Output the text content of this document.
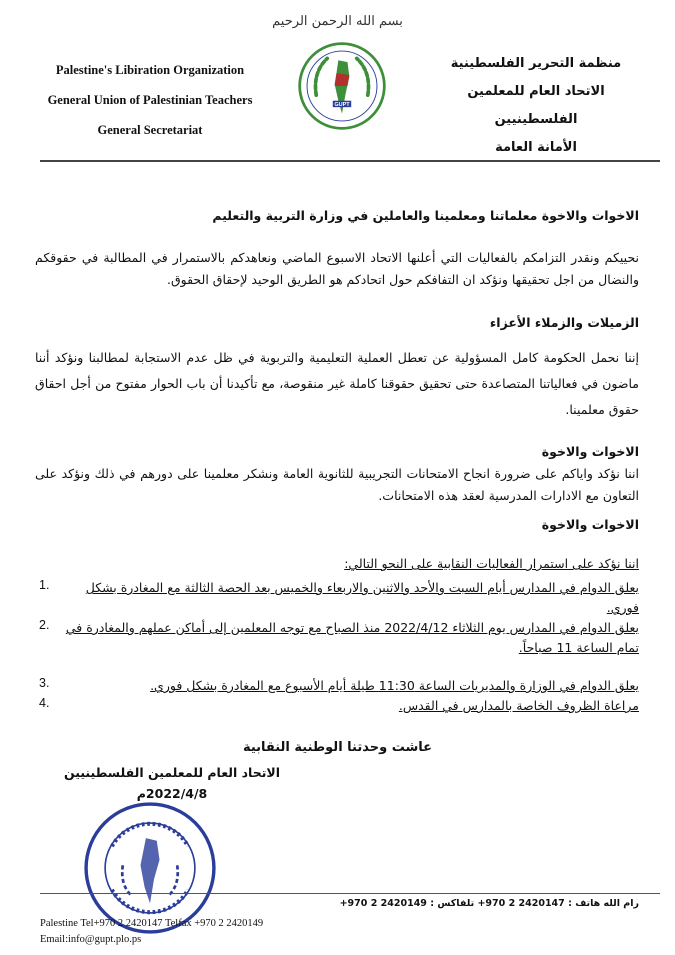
بسم الله الرحمن الرحيم
Palestine's Libiration Organization
General Union of Palestinian Teachers
General Secretariat
GUPT
منظمة التحرير الفلسطينية
الاتحاد العام للمعلمين الفلسطينيين
الأمانة العامة
الاخوات والاخوة معلماتنا ومعلمينا والعاملين في وزارة التربية والتعليم
نحييكم ونقدر التزامكم بالفعاليات التي أعلنها الاتحاد الاسبوع الماضي ونعاهدكم بالاستمرار في المطالبة في حقوقكم والنضال من اجل تحقيقها ونؤكد ان التفافكم حول اتحادكم هو الطريق الوحيد لإحقاق الحقوق.
الزميلات والزملاء الأعزاء
إننا نحمل الحكومة كامل المسؤولية عن تعطل العملية التعليمية والتربوية في ظل عدم الاستجابة لمطالبنا ونؤكد أننا ماضون في فعالياتنا المتصاعدة حتى تحقيق حقوقنا كاملة غير منقوصة، مع تأكيدنا أن باب الحوار مفتوح من أجل احقاق حقوق معلمينا.
الاخوات والاخوة
اننا نؤكد واياكم على ضرورة انجاح الامتحانات التجريبية للثانوية العامة ونشكر معلمينا على دورهم في ذلك ونؤكد على التعاون مع الادارات المدرسية لعقد هذه الامتحانات.
الاخوات والاخوة
اننا نؤكد على استمرار الفعاليات النقابية على النحو التالي:
يعلق الدوام في المدارس أيام السبت والأحد والاثنين والاربعاء والخميس بعد الحصة الثالثة مع المغادرة بشكل فوري.
1.
يعلق الدوام في المدارس يوم الثلاثاء 2022/4/12 منذ الصباح مع توجه المعلمين إلى أماكن عملهم والمغادرة في تمام الساعة 11 صباحاً.
2.
يعلق الدوام في الوزارة والمديريات الساعة 11:30 طيلة أيام الأسبوع مع المغادرة بشكل فوري.
3.
مراعاة الظروف الخاصة بالمدارس في القدس.
4.
عاشت وحدتنا الوطنية النقابية
الاتحاد العام للمعلمين الفلسطينيين
2022/4/8م
رام الله هاتف : 2420147 2 970+ تلفاكس : 2420149 2 970+
Palestine Tel+970 2 2420147 Telfax +970 2 2420149
Email:info@gupt.plo.ps
